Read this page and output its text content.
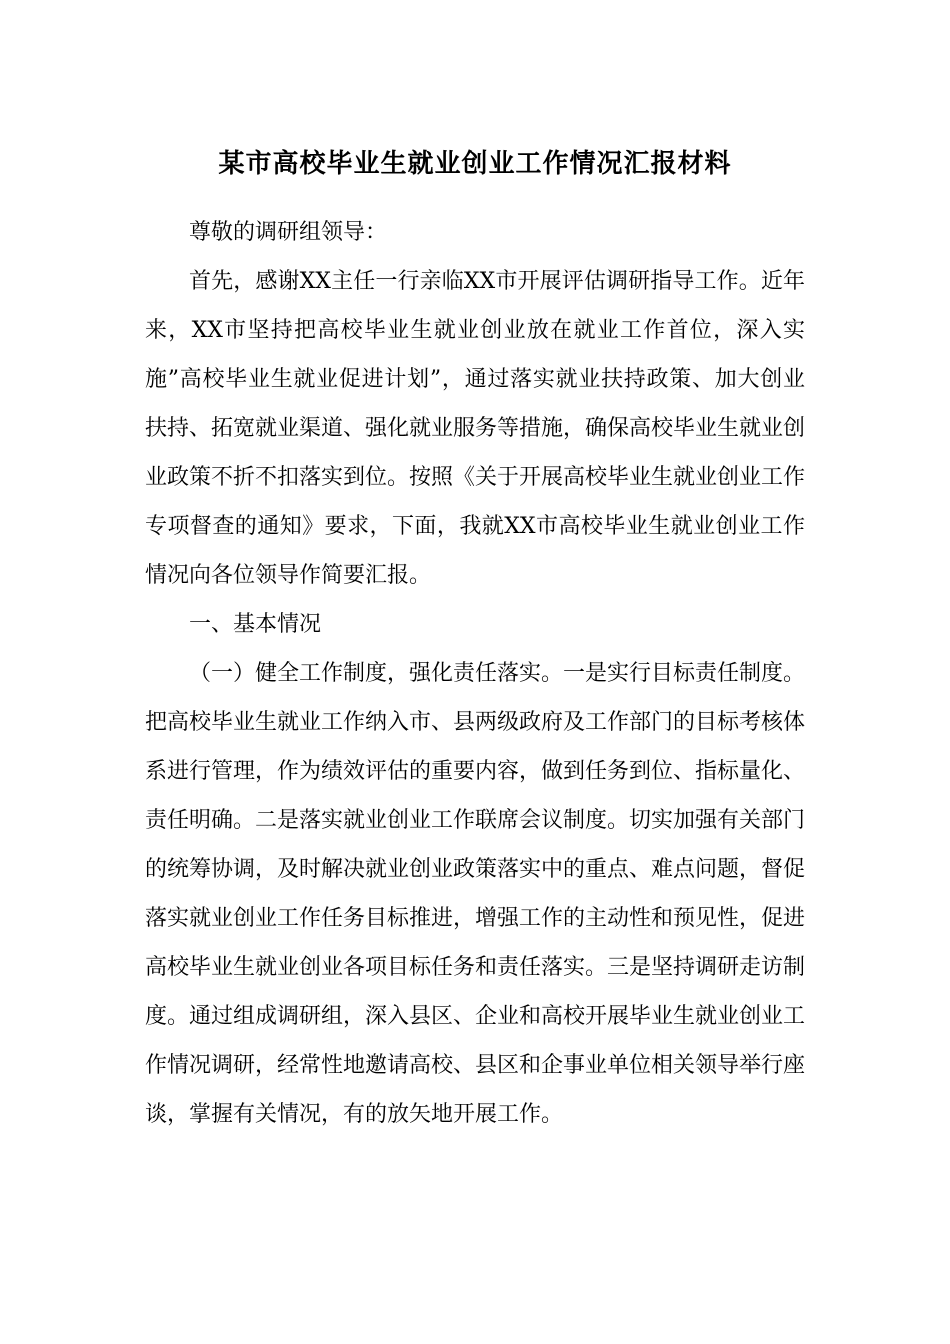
某市高校毕业生就业创业工作情况汇报材料

尊敬的调研组领导：

首先，感谢XX主任一行亲临XX市开展评估调研指导工作。近年来，XX市坚持把高校毕业生就业创业放在就业工作首位，深入实施”高校毕业生就业促进计划”，通过落实就业扶持政策、加大创业扶持、拓宽就业渠道、强化就业服务等措施，确保高校毕业生就业创业政策不折不扣落实到位。按照《关于开展高校毕业生就业创业工作专项督查的通知》要求，下面，我就XX市高校毕业生就业创业工作情况向各位领导作简要汇报。

一、基本情况

（一）健全工作制度，强化责任落实。一是实行目标责任制度。把高校毕业生就业工作纳入市、县两级政府及工作部门的目标考核体系进行管理，作为绩效评估的重要内容，做到任务到位、指标量化、责任明确。二是落实就业创业工作联席会议制度。切实加强有关部门的统筹协调，及时解决就业创业政策落实中的重点、难点问题，督促落实就业创业工作任务目标推进，增强工作的主动性和预见性，促进高校毕业生就业创业各项目标任务和责任落实。三是坚持调研走访制度。通过组成调研组，深入县区、企业和高校开展毕业生就业创业工作情况调研，经常性地邀请高校、县区和企事业单位相关领导举行座谈，掌握有关情况，有的放矢地开展工作。
